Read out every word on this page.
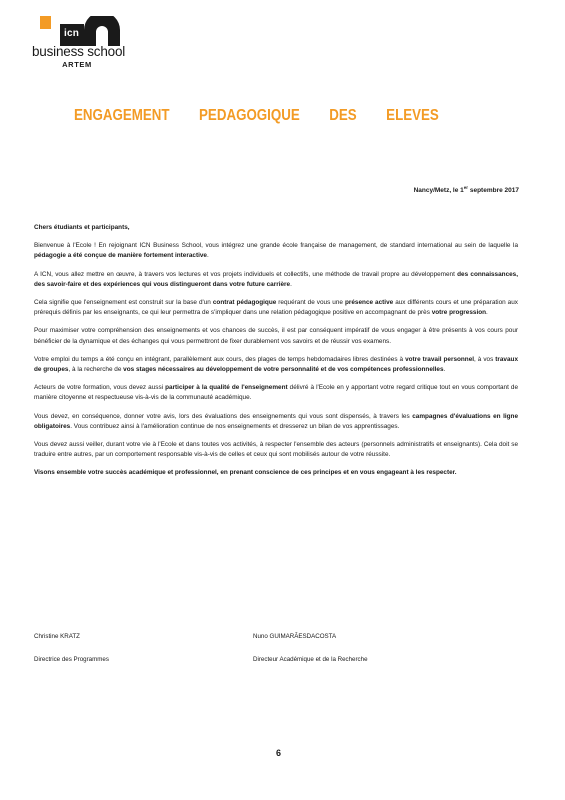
icn
business school
ARTEM
ENGAGEMENT PEDAGOGIQUE DES ELEVES
Nancy/Metz, le 1er septembre 2017

Chers étudiants et participants,

Bienvenue à l'Ecole ! En rejoignant ICN Business School, vous intégrez une grande école française de management, de standard international au sein de laquelle la pédagogie a été conçue de manière fortement interactive.

A ICN, vous allez mettre en œuvre, à travers vos lectures et vos projets individuels et collectifs, une méthode de travail propre au développement des connaissances, des savoir-faire et des expériences qui vous distingueront dans votre future carrière.

Cela signifie que l'enseignement est construit sur la base d'un contrat pédagogique requérant de vous une présence active aux différents cours et une préparation aux prérequis définis par les enseignants, ce qui leur permettra de s'impliquer dans une relation pédagogique positive en accompagnant de près votre progression.

Pour maximiser votre compréhension des enseignements et vos chances de succès, il est par conséquent impératif de vous engager à être présents à vos cours pour bénéficier de la dynamique et des échanges qui vous permettront de fixer durablement vos savoirs et de réussir vos examens.

Votre emploi du temps a été conçu en intégrant, parallèlement aux cours, des plages de temps hebdomadaires libres destinées à votre travail personnel, à vos travaux de groupes, à la recherche de vos stages nécessaires au développement de votre personnalité et de vos compétences professionnelles.

Acteurs de votre formation, vous devez aussi participer à la qualité de l'enseignement délivré à l'Ecole en y apportant votre regard critique tout en vous comportant de manière citoyenne et respectueuse vis-à-vis de la communauté académique.

Vous devez, en conséquence, donner votre avis, lors des évaluations des enseignements qui vous sont dispensés, à travers les campagnes d'évaluations en ligne obligatoires. Vous contribuez ainsi à l'amélioration continue de nos enseignements et dresserez un bilan de vos apprentissages.

Vous devez aussi veiller, durant votre vie à l'Ecole et dans toutes vos activités, à respecter l'ensemble des acteurs (personnels administratifs et enseignants). Cela doit se traduire entre autres, par un comportement responsable vis-à-vis de celles et ceux qui sont mobilisés autour de votre réussite.

Visons ensemble votre succès académique et professionnel, en prenant conscience de ces principes et en vous engageant à les respecter.

Christine KRATZ
Directrice des Programmes
Nuno GUIMARÃESDACOSTA
Directeur Académique et de la Recherche
6
